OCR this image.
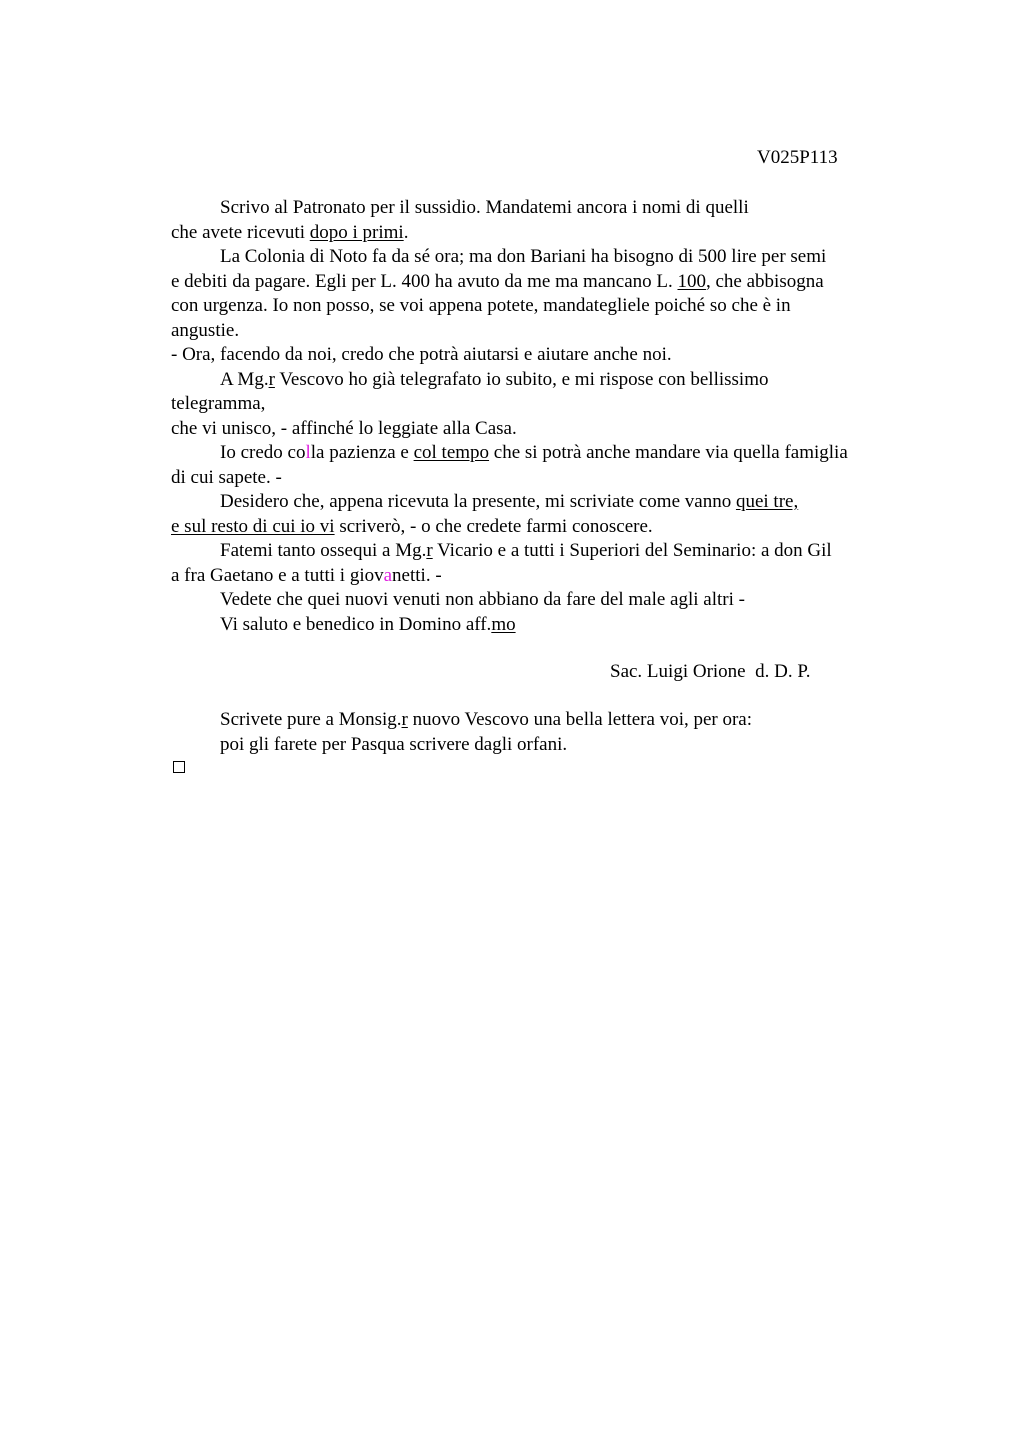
V025P113
Scrivo al Patronato per il sussidio. Mandatemi ancora i nomi di quelli
che avete ricevuti dopo i primi.
La Colonia di Noto fa da sé ora; ma don Bariani ha bisogno di 500 lire per semi
e debiti da pagare. Egli per L. 400 ha avuto da me ma mancano L. 100, che abbisogna
con urgenza. Io non posso, se voi appena potete, mandategliele poiché so che è in
angustie.
- Ora, facendo da noi, credo che potrà aiutarsi e aiutare anche noi.
A Mg.r Vescovo ho già telegrafato io subito, e mi rispose con bellissimo
telegramma,
che vi unisco, - affinché lo leggiate alla Casa.
Io credo colla pazienza e col tempo che si potrà anche mandare via quella famiglia
di cui sapete. -
Desidero che, appena ricevuta la presente, mi scriviate come vanno quei tre,
e sul resto di cui io vi scriverò, - o che credete farmi conoscere.
Fatemi tanto ossequi a Mg.r Vicario e a tutti i Superiori del Seminario: a don Gil
a fra Gaetano e a tutti i giovanetti. -
Vedete che quei nuovi venuti non abbiano da fare del male agli altri -
Vi saluto e benedico in Domino aff.mo
Sac. Luigi Orione  d. D. P.
Scrivete pure a Monsig.r nuovo Vescovo una bella lettera voi, per ora:
poi gli farete per Pasqua scrivere dagli orfani.
